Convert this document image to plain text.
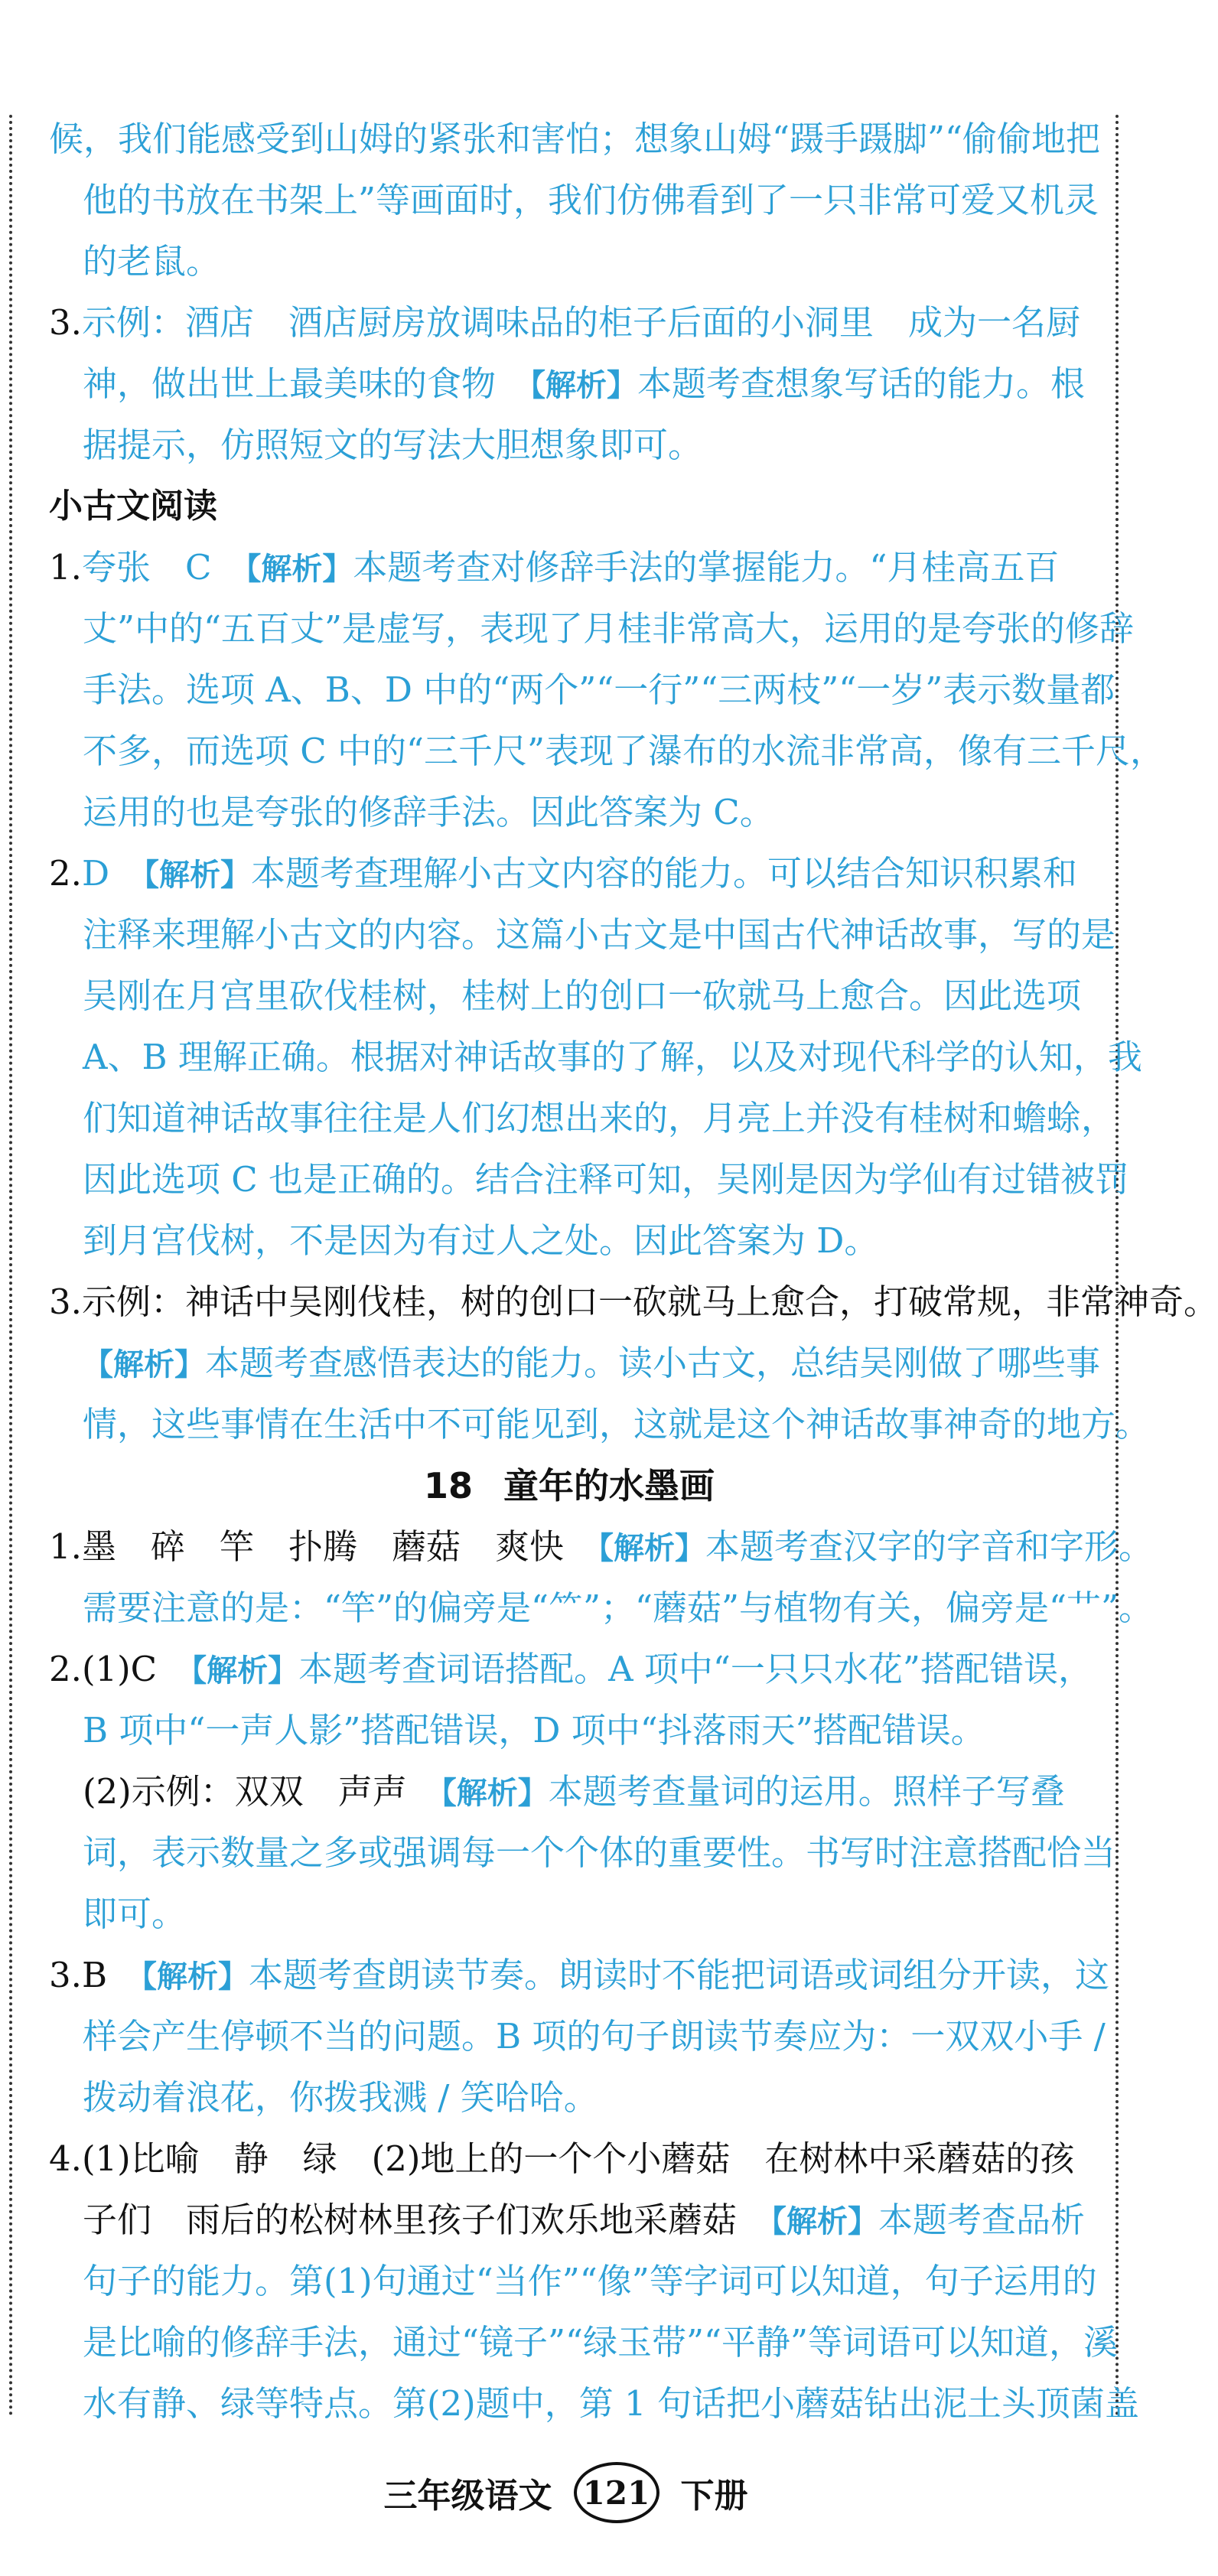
候，我们能感受到山姆的紧张和害怕；想象山姆“蹑手蹑脚”“偷偷地把
他的书放在书架上”等画面时，我们仿佛看到了一只非常可爱又机灵
的老鼠。
3.示例：酒店　酒店厨房放调味品的柜子后面的小洞里　成为一名厨
神，做出世上最美味的食物　【解析】本题考查想象写话的能力。根
据提示，仿照短文的写法大胆想象即可。
小古文阅读
1.夸张　C　【解析】本题考查对修辞手法的掌握能力。“月桂高五百
丈”中的“五百丈”是虚写，表现了月桂非常高大，运用的是夸张的修辞
手法。选项 A、B、D 中的“两个”“一行”“三两枝”“一岁”表示数量都
不多，而选项 C 中的“三千尺”表现了瀑布的水流非常高，像有三千尺，
运用的也是夸张的修辞手法。因此答案为 C。
2.D　【解析】本题考查理解小古文内容的能力。可以结合知识积累和
注释来理解小古文的内容。这篇小古文是中国古代神话故事，写的是
吴刚在月宫里砍伐桂树，桂树上的创口一砍就马上愈合。因此选项
A、B 理解正确。根据对神话故事的了解，以及对现代科学的认知，我
们知道神话故事往往是人们幻想出来的，月亮上并没有桂树和蟾蜍，
因此选项 C 也是正确的。结合注释可知，吴刚是因为学仙有过错被罚
到月宫伐树，不是因为有过人之处。因此答案为 D。
3.示例：神话中吴刚伐桂，树的创口一砍就马上愈合，打破常规，非常神奇。
【解析】本题考查感悟表达的能力。读小古文，总结吴刚做了哪些事
情，这些事情在生活中不可能见到，这就是这个神话故事神奇的地方。
18 童年的水墨画
1.墨　碎　竿　扑腾　蘑菇　爽快　【解析】本题考查汉字的字音和字形。
需要注意的是：“竿”的偏旁是“⺮”；“蘑菇”与植物有关，偏旁是“艹”。
2.(1)C　【解析】本题考查词语搭配。A 项中“一只只水花”搭配错误，
B 项中“一声人影”搭配错误，D 项中“抖落雨天”搭配错误。
(2)示例：双双　声声　【解析】本题考查量词的运用。照样子写叠
词，表示数量之多或强调每一个个体的重要性。书写时注意搭配恰当
即可。
3.B　【解析】本题考查朗读节奏。朗读时不能把词语或词组分开读，这
样会产生停顿不当的问题。B 项的句子朗读节奏应为：一双双小手 /
拨动着浪花，你拨我溅 / 笑哈哈。
4.(1)比喻　静　绿　(2)地上的一个个小蘑菇　在树林中采蘑菇的孩
子们　雨后的松树林里孩子们欢乐地采蘑菇　【解析】本题考查品析
句子的能力。第(1)句通过“当作”“像”等字词可以知道，句子运用的
是比喻的修辞手法，通过“镜子”“绿玉带”“平静”等词语可以知道，溪
水有静、绿等特点。第(2)题中，第 1 句话把小蘑菇钻出泥土头顶菌盖
三年级语文 121 下册
